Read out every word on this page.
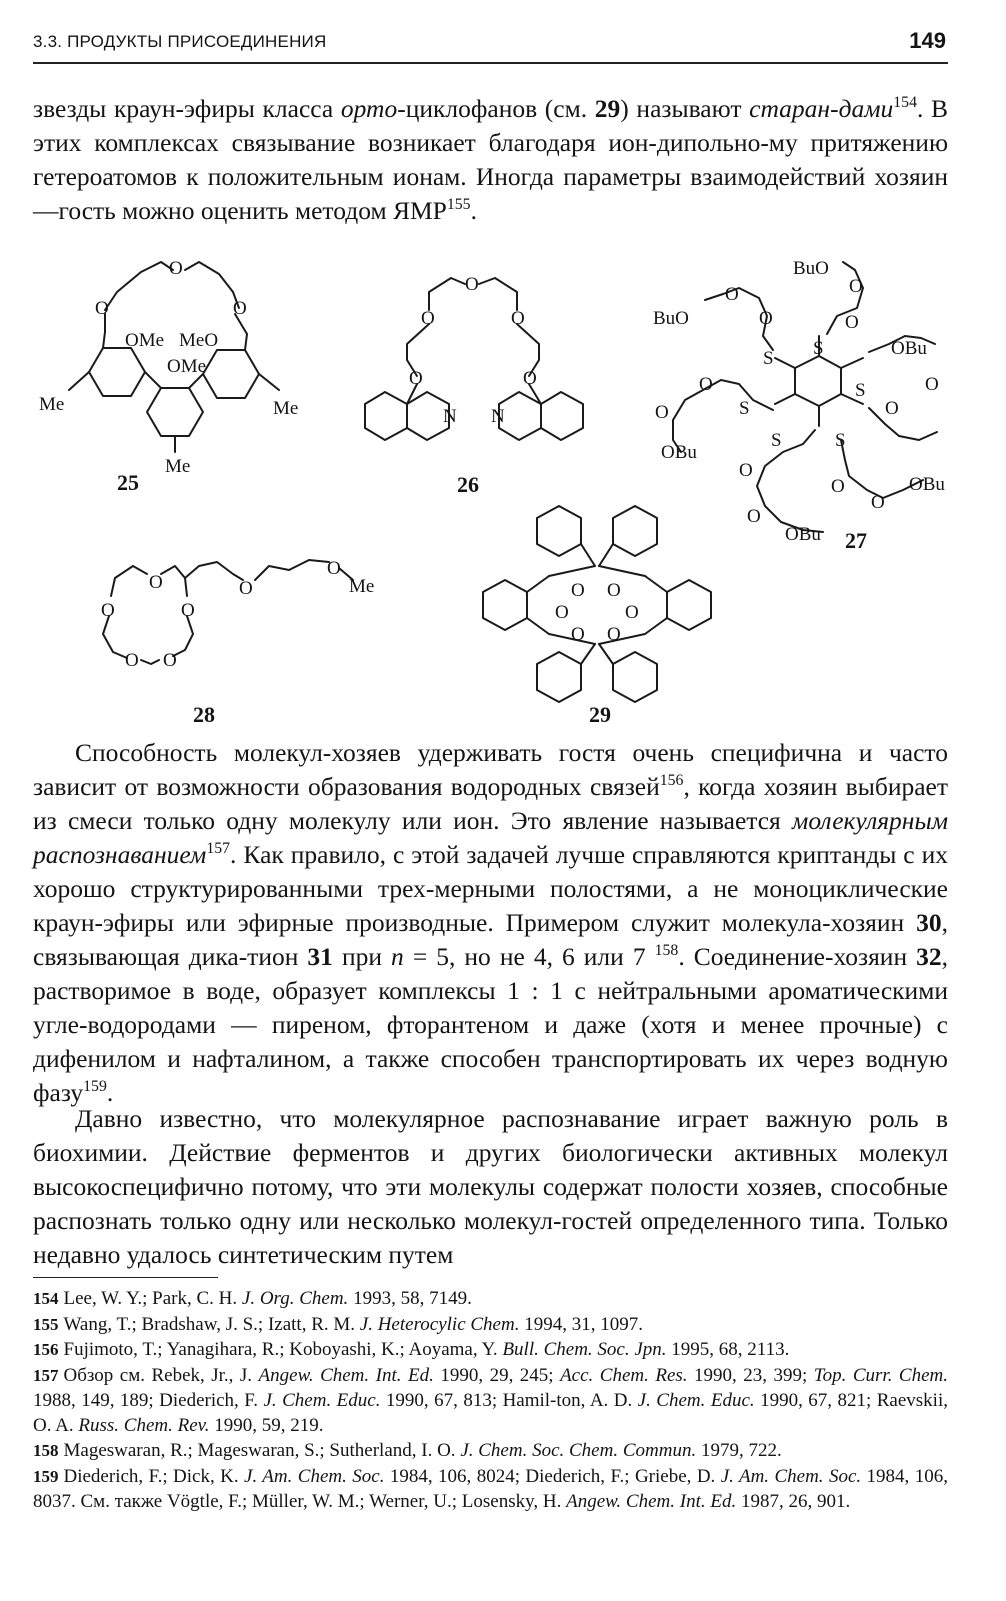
3.3. ПРОДУКТЫ ПРИСОЕДИНЕНИЯ	149

звезды краун-эфиры класса орто-циклофанов (см. 29) называют старан-дами$^{154}$. В этих комплексах связывание возникает благодаря ион-дипольно-му притяжению гетероатомов к положительным ионам. Иногда параметры взаимодействий хозяин—гость можно оценить методом ЯМР$^{155}$.

O
O	O
OMe MeO
OMe
Me	Me
Me
25
O
O	O
O	O
N N
26
BuO
O
O
O
BuO	O
S S	OBu
O
S
O
O	S	O
OBu
S
S
O
O
O
OBu
O
OBu 27
O
O	O
O O
O
O
Me
28
O O
O	O
O O
29

Способность молекул-хозяев удерживать гостя очень специфична и часто зависит от возможности образования водородных связей$^{156}$, когда хозяин выбирает из смеси только одну молекулу или ион. Это явление называется молекулярным распознаванием$^{157}$. Как правило, с этой задачей лучше справляются криптанды с их хорошо структурированными трех-мерными полостями, а не моноциклические краун-эфиры или эфирные производные. Примером служит молекула-хозяин 30, связывающая дика-тион 31 при n = 5, но не 4, 6 или 7 $^{158}$. Соединение-хозяин 32, растворимое в воде, образует комплексы 1 : 1 с нейтральными ароматическими угле-водородами — пиреном, фторантеном и даже (хотя и менее прочные) с дифенилом и нафталином, а также способен транспортировать их через водную фазу$^{159}$.

Давно известно, что молекулярное распознавание играет важную роль в биохимии. Действие ферментов и других биологически активных молекул высокоспецифично потому, что эти молекулы содержат полости хозяев, способные распознать только одну или несколько молекул-гостей определенного типа. Только недавно удалось синтетическим путем

154 Lee, W. Y.; Park, C. H. J. Org. Chem. 1993, 58, 7149.

155 Wang, T.; Bradshaw, J. S.; Izatt, R. M. J. Heterocylic Chem. 1994, 31, 1097.

156 Fujimoto, T.; Yanagihara, R.; Koboyashi, K.; Aoyama, Y. Bull. Chem. Soc. Jpn. 1995, 68, 2113.

157 Обзор см. Rebek, Jr., J. Angew. Chem. Int. Ed. 1990, 29, 245; Acc. Chem. Res. 1990, 23, 399; Top. Curr. Chem. 1988, 149, 189; Diederich, F. J. Chem. Educ. 1990, 67, 813; Hamil-ton, A. D. J. Chem. Educ. 1990, 67, 821; Raevskii, O. A. Russ. Chem. Rev. 1990, 59, 219.

158 Mageswaran, R.; Mageswaran, S.; Sutherland, I. O. J. Chem. Soc. Chem. Commun. 1979, 722.

159 Diederich, F.; Dick, K. J. Am. Chem. Soc. 1984, 106, 8024; Diederich, F.; Griebe, D. J. Am. Chem. Soc. 1984, 106, 8037. См. также Vögtle, F.; Müller, W. M.; Werner, U.; Losensky, H. Angew. Chem. Int. Ed. 1987, 26, 901.
